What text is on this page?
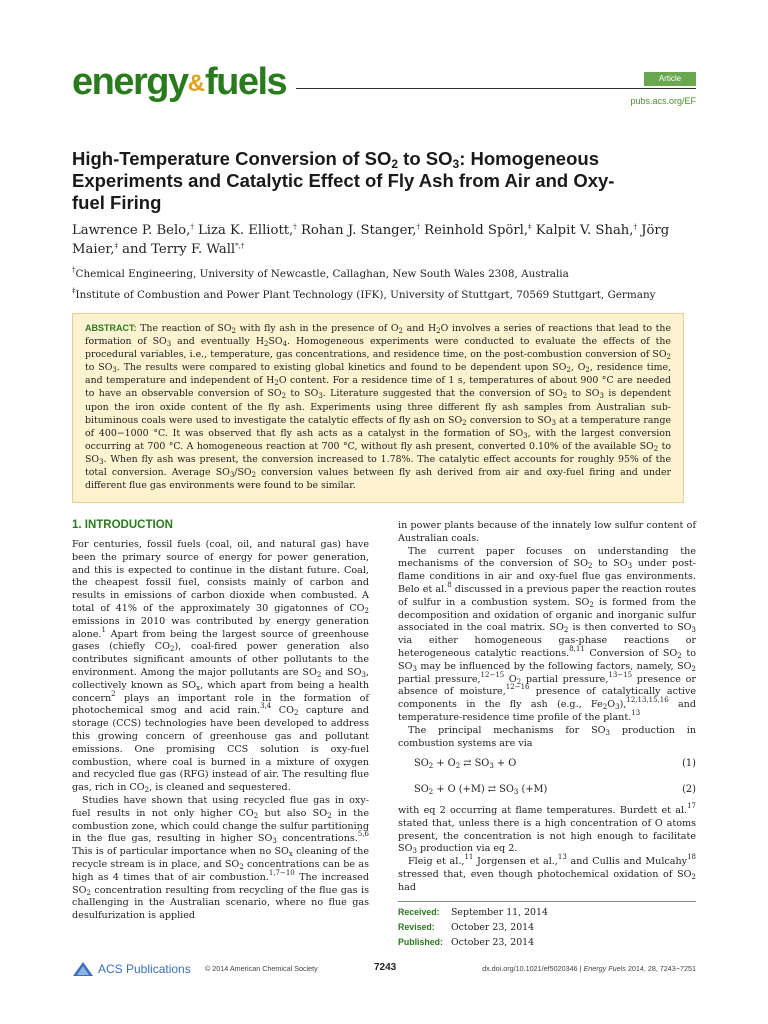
energy&fuels	Article
pubs.acs.org/EF
High-Temperature Conversion of $SO_2$ to $SO_3$: Homogeneous Experiments and Catalytic Effect of Fly Ash from Air and Oxy-fuel Firing
Lawrence P. Belo,† Liza K. Elliott,† Rohan J. Stanger,† Reinhold Spörl,‡ Kalpit V. Shah,† Jörg Maier,‡ and Terry F. Wall*,†
†Chemical Engineering, University of Newcastle, Callaghan, New South Wales 2308, Australia
‡Institute of Combustion and Power Plant Technology (IFK), University of Stuttgart, 70569 Stuttgart, Germany
ABSTRACT: The reaction of $SO_2$ with fly ash in the presence of $O_2$ and $H_2O$ involves a series of reactions that lead to the formation of $SO_3$ and eventually $H_2SO_4$. Homogeneous experiments were conducted to evaluate the effects of the procedural variables, i.e., temperature, gas concentrations, and residence time, on the post-combustion conversion of $SO_2$ to $SO_3$. The results were compared to existing global kinetics and found to be dependent upon $SO_2$, $O_2$, residence time, and temperature and independent of $H_2O$ content. For a residence time of 1 s, temperatures of about 900 °C are needed to have an observable conversion of $SO_2$ to $SO_3$. Literature suggested that the conversion of $SO_2$ to $SO_3$ is dependent upon the iron oxide content of the fly ash. Experiments using three different fly ash samples from Australian sub-bituminous coals were used to investigate the catalytic effects of fly ash on $SO_2$ conversion to $SO_3$ at a temperature range of 400−1000 °C. It was observed that fly ash acts as a catalyst in the formation of $SO_3$, with the largest conversion occurring at 700 °C. A homogeneous reaction at 700 °C, without fly ash present, converted 0.10% of the available $SO_2$ to $SO_3$. When fly ash was present, the conversion increased to 1.78%. The catalytic effect accounts for roughly 95% of the total conversion. Average $SO_3/SO_2$ conversion values between fly ash derived from air and oxy-fuel firing and under different flue gas environments were found to be similar.
1. INTRODUCTION

For centuries, fossil fuels (coal, oil, and natural gas) have been the primary source of energy for power generation, and this is expected to continue in the distant future. Coal, the cheapest fossil fuel, consists mainly of carbon and results in emissions of carbon dioxide when combusted. A total of 41% of the approximately 30 gigatonnes of $CO_2$ emissions in 2010 was contributed by energy generation alone.$^1$ Apart from being the largest source of greenhouse gases (chiefly $CO_2$), coal-fired power generation also contributes significant amounts of other pollutants to the environment. Among the major pollutants are $SO_2$ and $SO_3$, collectively known as $SO_x$, which apart from being a health concern$^2$ plays an important role in the formation of photochemical smog and acid rain.$^{3,4}$ $CO_2$ capture and storage (CCS) technologies have been developed to address this growing concern of greenhouse gas and pollutant emissions. One promising CCS solution is oxy-fuel combustion, where coal is burned in a mixture of oxygen and recycled flue gas (RFG) instead of air. The resulting flue gas, rich in $CO_2$, is cleaned and sequestered.

Studies have shown that using recycled flue gas in oxy-fuel results in not only higher $CO_2$ but also $SO_2$ in the combustion zone, which could change the sulfur partitioning in the flue gas, resulting in higher $SO_3$ concentrations.$^{5,6}$ This is of particular importance when no $SO_x$ cleaning of the recycle stream is in place, and $SO_2$ concentrations can be as high as 4 times that of air combustion.$^{1,7-10}$ The increased $SO_2$ concentration resulting from recycling of the flue gas is challenging in the Australian scenario, where no flue gas desulfurization is applied

in power plants because of the innately low sulfur content of Australian coals.

The current paper focuses on understanding the mechanisms of the conversion of $SO_2$ to $SO_3$ under post-flame conditions in air and oxy-fuel flue gas environments. Belo et al.$^8$ discussed in a previous paper the reaction routes of sulfur in a combustion system. $SO_2$ is formed from the decomposition and oxidation of organic and inorganic sulfur associated in the coal matrix. $SO_2$ is then converted to $SO_3$ via either homogeneous gas-phase reactions or heterogeneous catalytic reactions.$^{8,11}$ Conversion of $SO_2$ to $SO_3$ may be influenced by the following factors, namely, $SO_2$ partial pressure,$^{12-15}$ $O_2$ partial pressure,$^{13-15}$ presence or absence of moisture,$^{12-16}$ presence of catalytically active components in the fly ash (e.g., $Fe_2O_3),^{12,13,15,16}$ and temperature-residence time profile of the plant.$^{13}$

The principal mechanisms for $SO_3$ production in combustion systems are via

$SO_2 + O_2$ ⇄ $SO_3 + O$	(1)
$SO_2 + O$ (+M) ⇄ $SO_3$ (+M)	(2)

with eq 2 occurring at flame temperatures. Burdett et al.$^{17}$ stated that, unless there is a high concentration of O atoms present, the concentration is not high enough to facilitate $SO_3$ production via eq 2.

Fleig et al.,$^{11}$ Jorgensen et al.,$^{13}$ and Cullis and Mulcahy$^{18}$ stressed that, even though photochemical oxidation of $SO_2$ had

Received: September 11, 2014
Revised: October 23, 2014
Published: October 23, 2014
ACS Publications © 2014 American Chemical Society	7243	dx.doi.org/10.1021/ef5020346 | Energy Fuels 2014, 28, 7243−7251
